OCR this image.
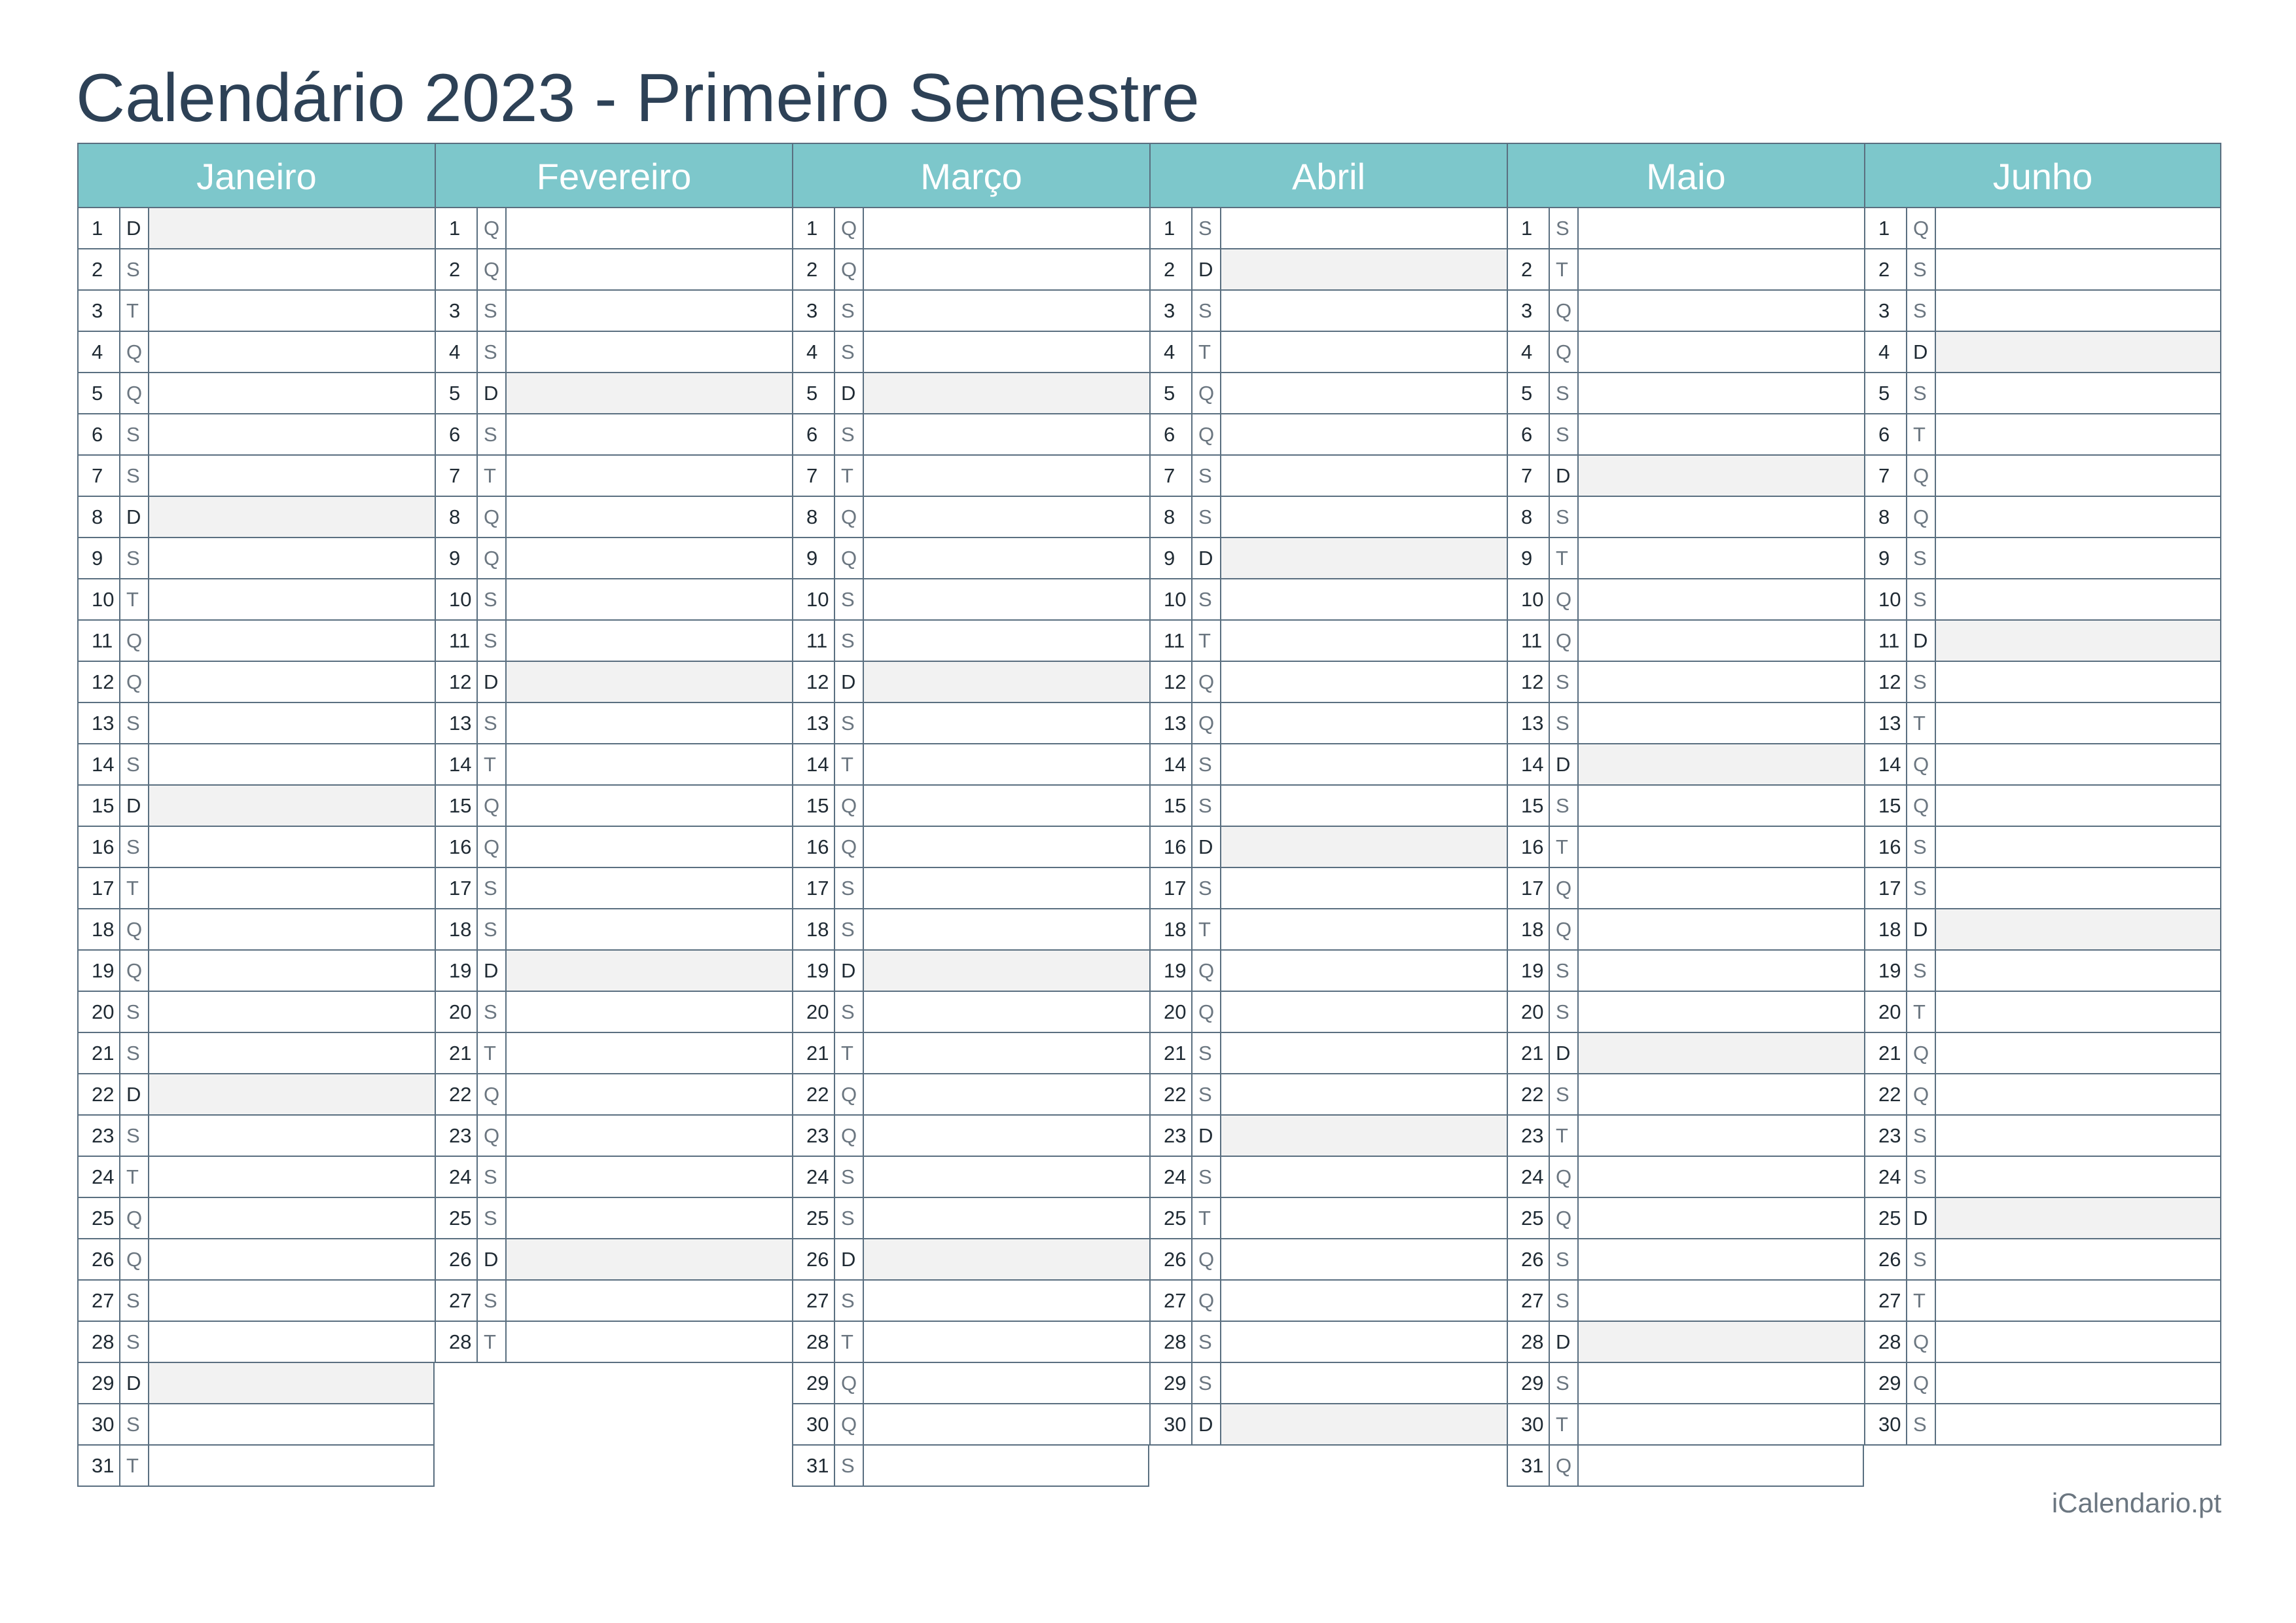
Calendário 2023 - Primeiro Semestre
Janeiro
1	D
2	S
3	T
4	Q
5	Q
6	S
7	S
8	D
9	S
10 T
11 Q
12 Q
13 S
14 S
15 D
16 S
17 T
18 Q
19 Q
20 S
21 S
22 D
23 S
24 T
25 Q
26 Q
27 S
28 S
29 D
30 S
31 T
Fevereiro
1	Q
2	Q
3	S
4	S
5	D
6	S
7	T
8	Q
9	Q
10 S
11 S
12 D
13 S
14 T
15 Q
16 Q
17 S
18 S
19 D
20 S
21 T
22 Q
23 Q
24 S
25 S
26 D
27 S
28 T
Março
1	Q
2	Q
3	S
4	S
5	D
6	S
7	T
8	Q
9	Q
10 S
11 S
12 D
13 S
14 T
15 Q
16 Q
17 S
18 S
19 D
20 S
21 T
22 Q
23 Q
24 S
25 S
26 D
27 S
28 T
29 Q
30 Q
31 S
Abril
1	S
2	D
3	S
4	T
5	Q
6	Q
7	S
8	S
9	D
10 S
11 T
12 Q
13 Q
14 S
15 S
16 D
17 S
18 T
19 Q
20 Q
21 S
22 S
23 D
24 S
25 T
26 Q
27 Q
28 S
29 S
30 D
Maio
1	S
2	T
3	Q
4	Q
5	S
6	S
7	D
8	S
9	T
10 Q
11 Q
12 S
13 S
14 D
15 S
16 T
17 Q
18 Q
19 S
20 S
21 D
22 S
23 T
24 Q
25 Q
26 S
27 S
28 D
29 S
30 T
31 Q
Junho
1	Q
2	S
3	S
4	D
5	S
6	T
7	Q
8	Q
9	S
10 S
11 D
12 S
13 T
14 Q
15 Q
16 S
17 S
18 D
19 S
20 T
21 Q
22 Q
23 S
24 S
25 D
26 S
27 T
28 Q
29 Q
30 S
iCalendario.pt
